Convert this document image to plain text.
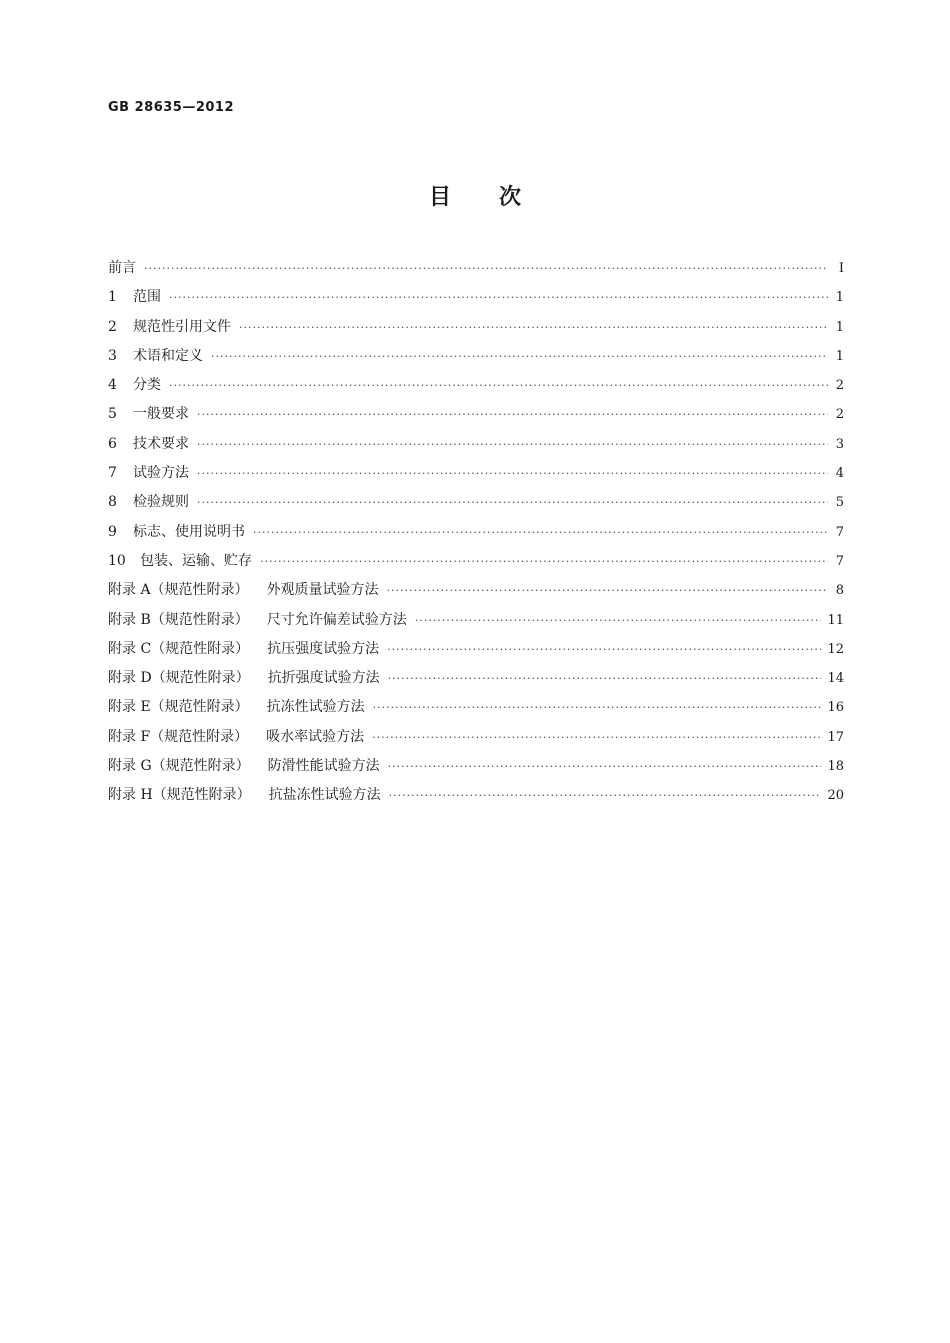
GB 28635—2012
目次
前言 ·····	Ⅰ
1	范围 ·····	1
2	规范性引用文件 ·····	1
3	术语和定义 ·····	1
4	分类 ·····	2
5	一般要求 ·····	2
6	技术要求 ·····	3
7	试验方法 ·····	4
8	检验规则 ·····	5
9	标志、使用说明书 ·····	7
10	包装、运输、贮存 ·····	7
附录 A（规范性附录） 外观质量试验方法 ·····	8
附录 B（规范性附录） 尺寸允许偏差试验方法 ·····	11
附录 C（规范性附录） 抗压强度试验方法 ·····	12
附录 D（规范性附录） 抗折强度试验方法 ·····	14
附录 E（规范性附录） 抗冻性试验方法 ·····	16
附录 F（规范性附录） 吸水率试验方法 ·····	17
附录 G（规范性附录） 防滑性能试验方法 ·····	18
附录 H（规范性附录） 抗盐冻性试验方法 ·····	20
